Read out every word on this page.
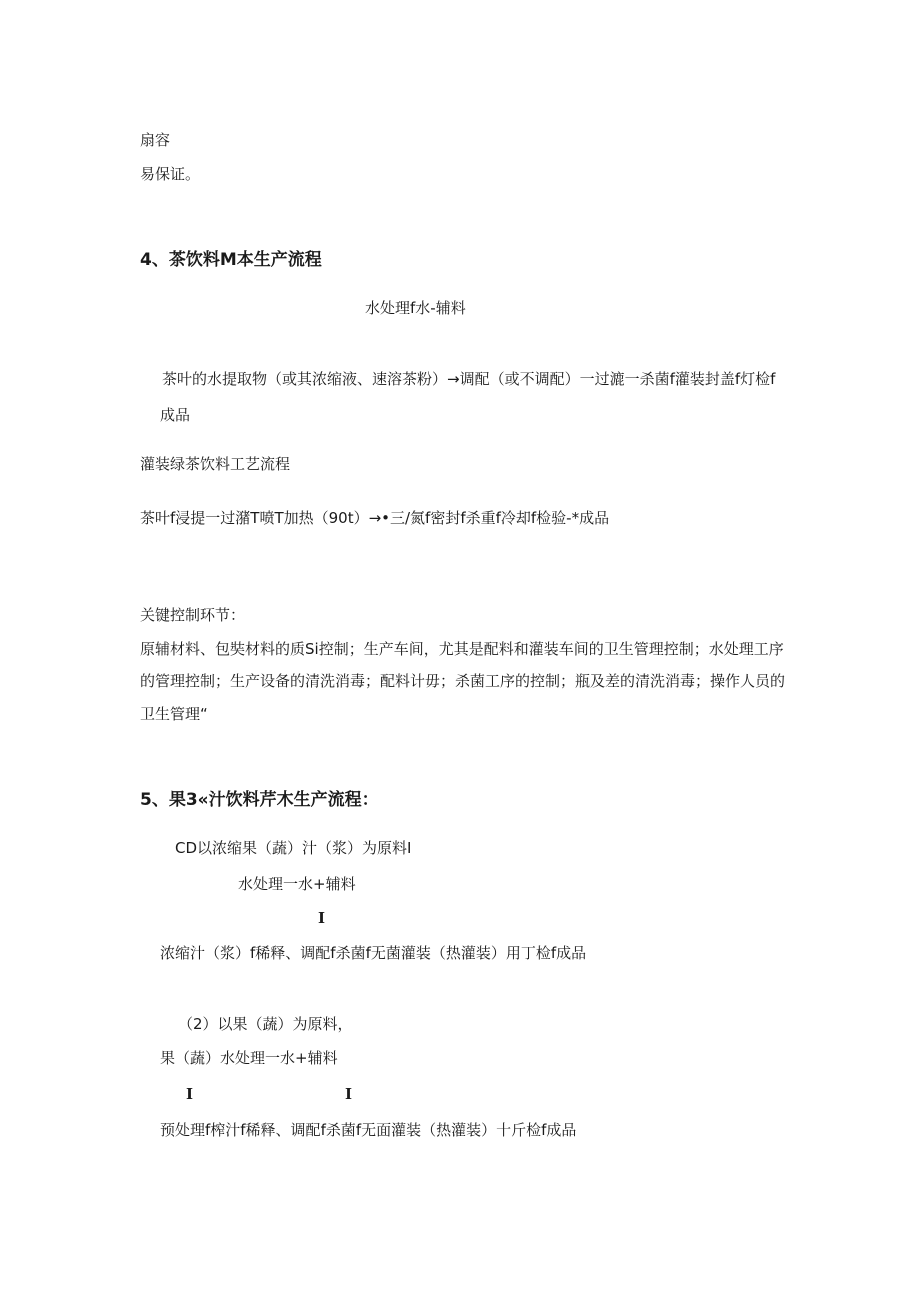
扇容
易保证。
4、茶饮料M本生产流程
水处理f水-辅料
茶叶的水提取物（或其浓缩液、速溶茶粉）→调配（或不调配）一过漉一杀菌f灌装封盖f灯检f
成品
灌装绿茶饮料工艺流程
茶叶f浸提一过潴T喷T加热（90t）→•三/氮f密封f杀重f冷却f检验-*成品
关键控制环节：
原辅材料、包奘材料的质Si控制；生产车间，尤其是配料和灌装车间的卫生管理控制；水处理工序
的管理控制；生产设备的清洗消毒；配料计毋；杀菌工序的控制；瓶及差的清洗消毒；操作人员的
卫生管理“
5、果3«汁饮料芹木生产流程：
CD以浓缩果（蔬）汁（浆）为原料I
水处理一水+辅料
I
浓缩汁（浆）f稀释、调配f杀菌f无菌灌装（热灌装）用丁检f成品
（2）以果（蔬）为原料，
果（蔬）水处理一水+辅料
I	I
预处理f榨汁f稀释、调配f杀菌f无面灌装（热灌装）十斤检f成品
